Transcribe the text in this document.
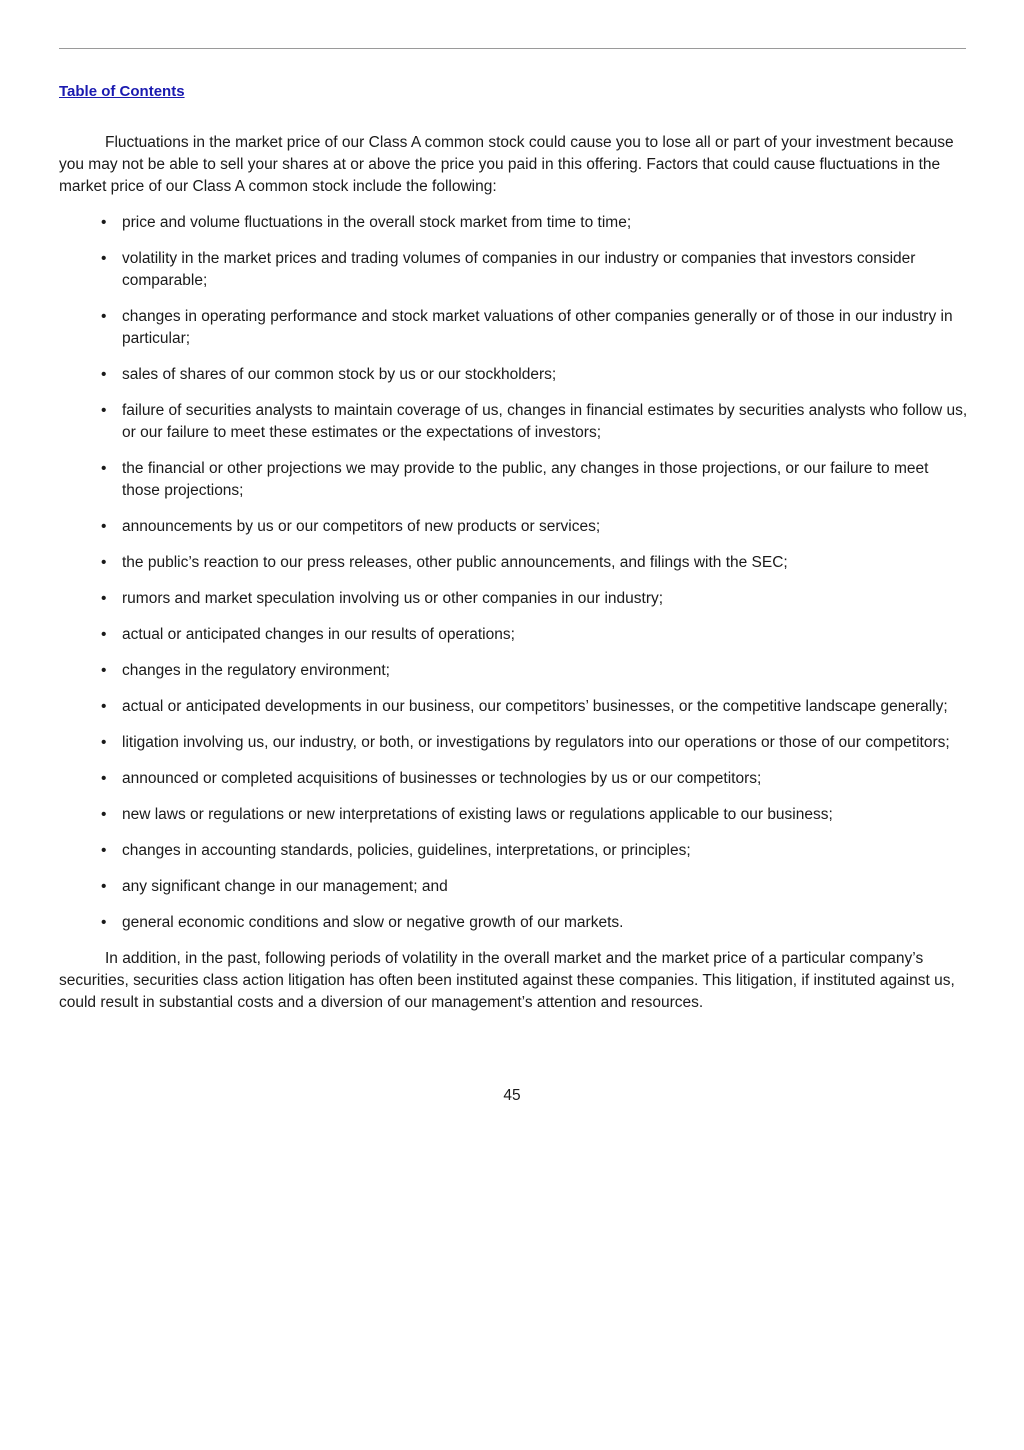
Table of Contents

Fluctuations in the market price of our Class A common stock could cause you to lose all or part of your investment because you may not be able to sell your shares at or above the price you paid in this offering. Factors that could cause fluctuations in the market price of our Class A common stock include the following:

• price and volume fluctuations in the overall stock market from time to time;
• volatility in the market prices and trading volumes of companies in our industry or companies that investors consider comparable;
• changes in operating performance and stock market valuations of other companies generally or of those in our industry in particular;
• sales of shares of our common stock by us or our stockholders;
• failure of securities analysts to maintain coverage of us, changes in financial estimates by securities analysts who follow us, or our failure to meet these estimates or the expectations of investors;
• the financial or other projections we may provide to the public, any changes in those projections, or our failure to meet those projections;
• announcements by us or our competitors of new products or services;
• the public’s reaction to our press releases, other public announcements, and filings with the SEC;
• rumors and market speculation involving us or other companies in our industry;
• actual or anticipated changes in our results of operations;
• changes in the regulatory environment;
• actual or anticipated developments in our business, our competitors’ businesses, or the competitive landscape generally;
• litigation involving us, our industry, or both, or investigations by regulators into our operations or those of our competitors;
• announced or completed acquisitions of businesses or technologies by us or our competitors;
• new laws or regulations or new interpretations of existing laws or regulations applicable to our business;
• changes in accounting standards, policies, guidelines, interpretations, or principles;
• any significant change in our management; and
• general economic conditions and slow or negative growth of our markets.

In addition, in the past, following periods of volatility in the overall market and the market price of a particular company’s securities, securities class action litigation has often been instituted against these companies. This litigation, if instituted against us, could result in substantial costs and a diversion of our management’s attention and resources.

45
